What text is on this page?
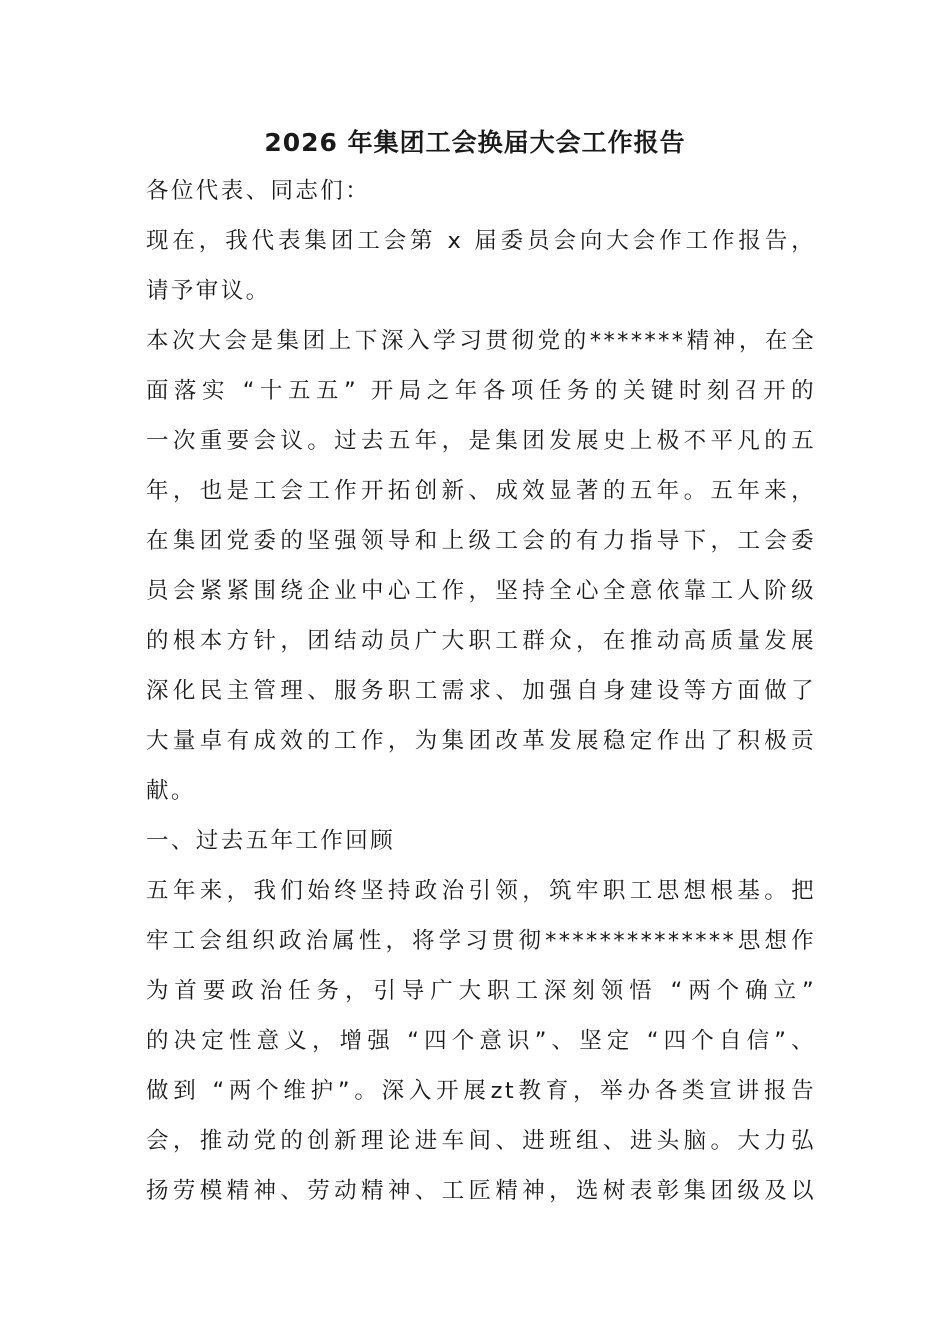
2026 年集团工会换届大会工作报告
各位代表、同志们：
现在，我代表集团工会第 x 届委员会向大会作工作报告，
请予审议。
本次大会是集团上下深入学习贯彻党的*******精神，在全
面落实 “十五五” 开局之年各项任务的关键时刻召开的
一次重要会议。过去五年，是集团发展史上极不平凡的五
年，也是工会工作开拓创新、成效显著的五年。五年来，
在集团党委的坚强领导和上级工会的有力指导下，工会委
员会紧紧围绕企业中心工作，坚持全心全意依靠工人阶级
的根本方针，团结动员广大职工群众，在推动高质量发展
深化民主管理、服务职工需求、加强自身建设等方面做了
大量卓有成效的工作，为集团改革发展稳定作出了积极贡
献。
一、过去五年工作回顾
五年来，我们始终坚持政治引领，筑牢职工思想根基。把
牢工会组织政治属性，将学习贯彻**************思想作
为首要政治任务，引导广大职工深刻领悟 “两个确立”
的决定性意义，增强 “四个意识”、坚定 “四个自信”、
做到 “两个维护”。深入开展zt教育，举办各类宣讲报告
会，推动党的创新理论进车间、进班组、进头脑。大力弘
扬劳模精神、劳动精神、工匠精神，选树表彰集团级及以
